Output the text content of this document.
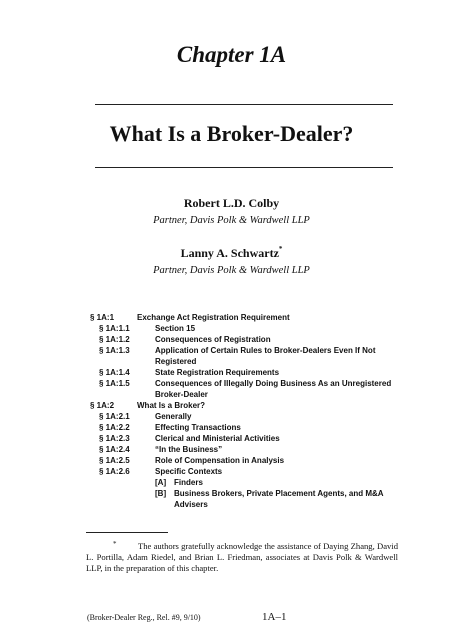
Chapter 1A
What Is a Broker-Dealer?
Robert L.D. Colby
Partner, Davis Polk & Wardwell LLP
Lanny A. Schwartz*
Partner, Davis Polk & Wardwell LLP
§ 1A:1	Exchange Act Registration Requirement
§ 1A:1.1	Section 15
§ 1A:1.2	Consequences of Registration
§ 1A:1.3	Application of Certain Rules to Broker-Dealers Even If Not
Registered
§ 1A:1.4	State Registration Requirements
§ 1A:1.5	Consequences of Illegally Doing Business As an Unregistered
Broker-Dealer
§ 1A:2	What Is a Broker?
§ 1A:2.1	Generally
§ 1A:2.2	Effecting Transactions
§ 1A:2.3	Clerical and Ministerial Activities
§ 1A:2.4	“In the Business”
§ 1A:2.5	Role of Compensation in Analysis
§ 1A:2.6	Specific Contexts
[A] Finders
[B] Business Brokers, Private Placement Agents, and M&A
Advisers
*	The authors gratefully acknowledge the assistance of Daying Zhang, David L. Portilla, Adam Riedel, and Brian L. Friedman, associates at Davis Polk & Wardwell LLP, in the preparation of this chapter.
(Broker-Dealer Reg., Rel. #9, 9/10)	1A–1
